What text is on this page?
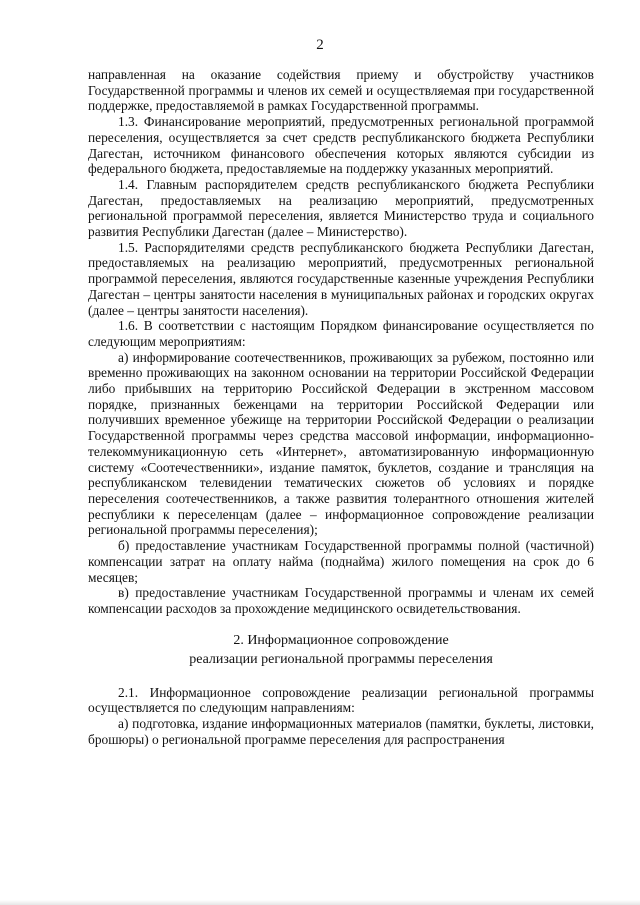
2

направленная на оказание содействия приему и обустройству участников Государственной программы и членов их семей и осуществляемая при государственной поддержке, предоставляемой в рамках Государственной программы.

1.3. Финансирование мероприятий, предусмотренных региональной программой переселения, осуществляется за счет средств республиканского бюджета Республики Дагестан, источником финансового обеспечения которых являются субсидии из федерального бюджета, предоставляемые на поддержку указанных мероприятий.

1.4. Главным распорядителем средств республиканского бюджета Республики Дагестан, предоставляемых на реализацию мероприятий, предусмотренных региональной программой переселения, является Министерство труда и социального развития Республики Дагестан (далее – Министерство).

1.5. Распорядителями средств республиканского бюджета Республики Дагестан, предоставляемых на реализацию мероприятий, предусмотренных региональной программой переселения, являются государственные казенные учреждения Республики Дагестан – центры занятости населения в муниципальных районах и городских округах (далее – центры занятости населения).

1.6. В соответствии с настоящим Порядком финансирование осуществляется по следующим мероприятиям:

а) информирование соотечественников, проживающих за рубежом, постоянно или временно проживающих на законном основании на территории Российской Федерации либо прибывших на территорию Российской Федерации в экстренном массовом порядке, признанных беженцами на территории Российской Федерации или получивших временное убежище на территории Российской Федерации о реализации Государственной программы через средства массовой информации, информационно-телекоммуникационную сеть «Интернет», автоматизированную информационную систему «Соотечественники», издание памяток, буклетов, создание и трансляция на республиканском телевидении тематических сюжетов об условиях и порядке переселения соотечественников, а также развития толерантного отношения жителей республики к переселенцам (далее – информационное сопровождение реализации региональной программы переселения);

б) предоставление участникам Государственной программы полной (частичной) компенсации затрат на оплату найма (поднайма) жилого помещения на срок до 6 месяцев;

в) предоставление участникам Государственной программы и членам их семей компенсации расходов за прохождение медицинского освидетельствования.

2. Информационное сопровождение
реализации региональной программы переселения

2.1. Информационное сопровождение реализации региональной программы осуществляется по следующим направлениям:

а) подготовка, издание информационных материалов (памятки, буклеты, листовки, брошюры) о региональной программе переселения для распространения
